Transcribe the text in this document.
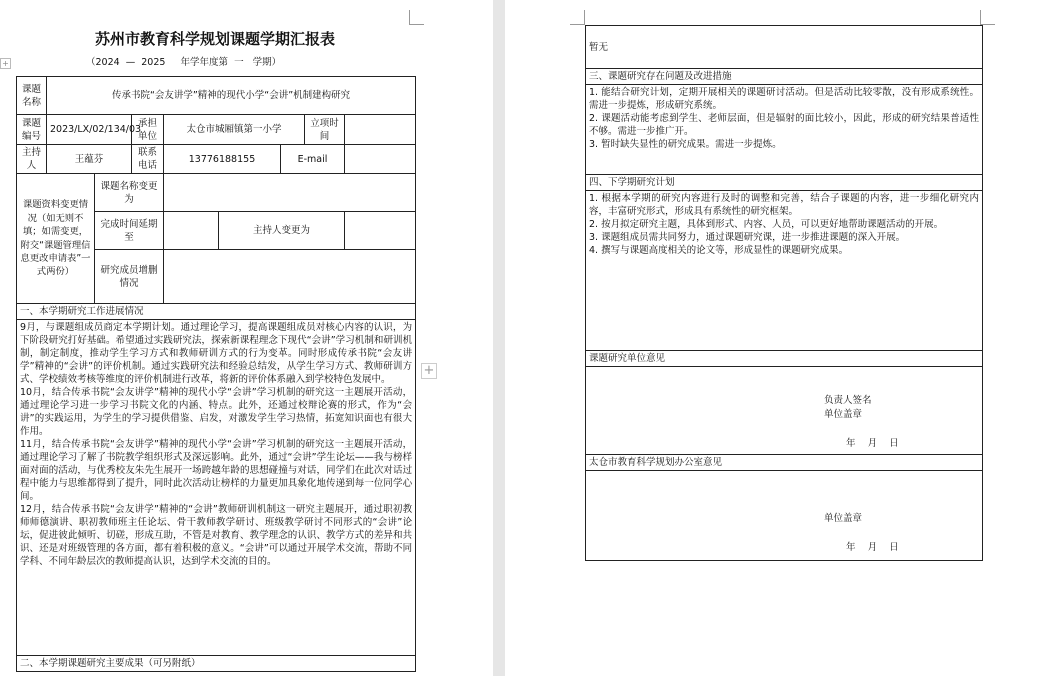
苏州市教育科学规划课题学期汇报表
（2024  —  2025     年学年度第  一   学期）
+
课题名称	传承书院“会友讲学”精神的现代小学“会讲”机制建构研究							
课题编号	2023/LX/02/134/03		承担单位	太仓市城厢镇第一小学			立项时间	
主持人	王蕴芬		联系电话	13776188155		E-mail		
课题资料变更情况（如无则不填；如需变更，附交“课题管理信息更改申请表”一式两份）		课题名称变更为						
		完成时间延期至			主持人变更为			
		研究成员增删情况						
一、本学期研究工作进展情况								

9月，与课题组成员商定本学期计划。通过理论学习，提高课题组成员对核心内容的认识，为下阶段研究打好基础。希望通过实践研究法，探索新课程理念下现代“会讲”学习机制和研训机制，制定制度，推动学生学习方式和教师研训方式的行为变革。同时形成传承书院“会友讲学”精神的“会讲”的评价机制。通过实践研究法和经验总结发，从学生学习方式、教师研训方式、学校绩效考核等维度的评价机制进行改革，将新的评价体系融入到学校特色发展中。
10月，结合传承书院“会友讲学”精神的现代小学“会讲”学习机制的研究这一主题展开活动，通过理论学习进一步学习书院文化的内涵、特点。此外，还通过校辩论赛的形式，作为“会讲”的实践运用，为学生的学习提供借鉴、启发，对激发学生学习热情，拓宽知识面也有很大作用。
11月，结合传承书院“会友讲学”精神的现代小学“会讲”学习机制的研究这一主题展开活动，通过理论学习了解了书院教学组织形式及深远影响。此外，通过“会讲”学生论坛——我与榜样面对面的活动，与优秀校友朱先生展开一场跨越年龄的思想碰撞与对话，同学们在此次对话过程中能力与思维都得到了提升，同时此次活动让榜样的力量更加具象化地传递到每一位同学心间。
12月，结合传承书院“会友讲学”精神的“会讲”教师研训机制这一研究主题展开，通过职初教师师德演讲、职初教师班主任论坛、骨干教师教学研讨、班级教学研讨不同形式的“会讲”论坛，促进彼此倾听、切磋，形成互助，不管是对教育、教学理念的认识、教学方式的差异和共识、还是对班级管理的各方面，都有着积极的意义。“会讲”可以通过开展学术交流，帮助不同学科、不同年龄层次的教师提高认识，达到学术交流的目的。								

二、本学期课题研究主要成果（可另附纸）								
+
暂无
三、课题研究存在问题及改进措施

1. 能结合研究计划，定期开展相关的课题研讨活动。但是活动比较零散，没有形成系统性。需进一步提炼，形成研究系统。
2. 课题活动能考虑到学生、老师层面，但是辐射的面比较小，因此，形成的研究结果普适性不够。需进一步推广开。
3. 暂时缺失显性的研究成果。需进一步提炼。

四、下学期研究计划

1. 根据本学期的研究内容进行及时的调整和完善，结合子课题的内容，进一步细化研究内容，丰富研究形式，形成具有系统性的研究框架。
2. 按月拟定研究主题，具体到形式、内容、人员，可以更好地帮助课题活动的开展。
3. 课题组成员需共同努力，通过课题研究课，进一步推进课题的深入开展。
4. 撰写与课题高度相关的论文等，形成显性的课题研究成果。

课题研究单位意见

太仓市教育科学规划办公室意见

负责人签名
单位盖章
年    月    日
单位盖章
年    月    日
